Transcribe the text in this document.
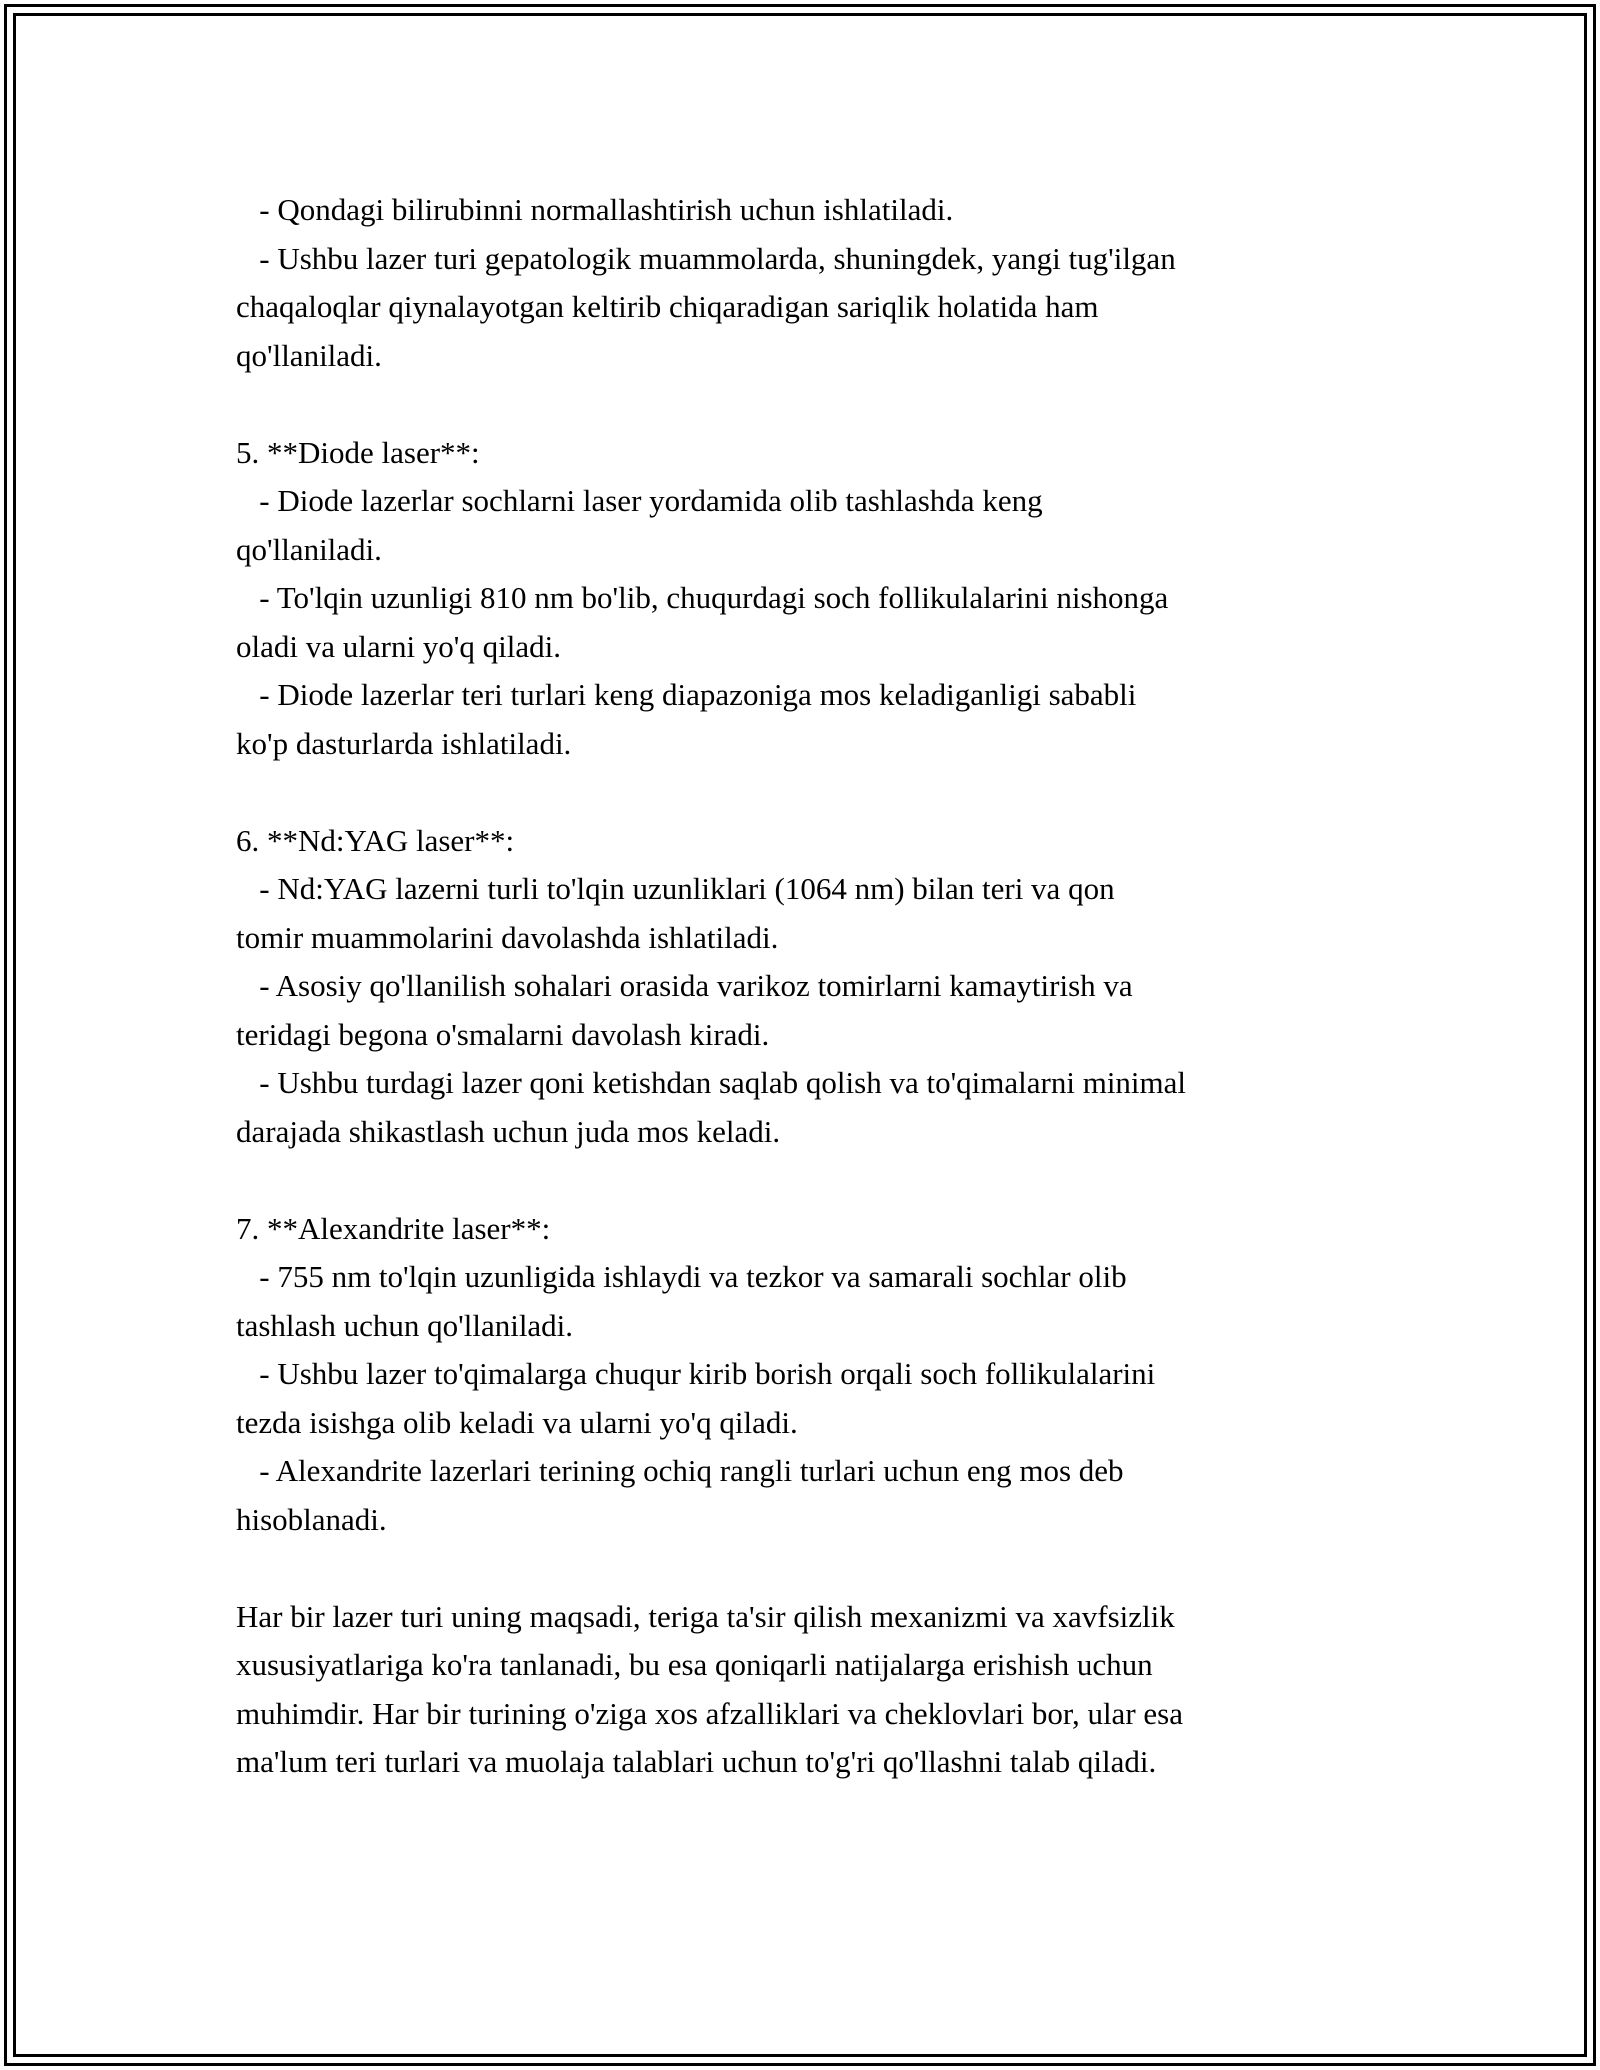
- Qondagi bilirubinni normallashtirish uchun ishlatiladi.
- Ushbu lazer turi gepatologik muammolarda, shuningdek, yangi tug'ilgan
chaqaloqlar qiynalayotgan keltirib chiqaradigan sariqlik holatida ham
qo'llaniladi.
5. **Diode laser**:
- Diode lazerlar sochlarni laser yordamida olib tashlashda keng
qo'llaniladi.
- To'lqin uzunligi 810 nm bo'lib, chuqurdagi soch follikulalarini nishonga
oladi va ularni yo'q qiladi.
- Diode lazerlar teri turlari keng diapazoniga mos keladiganligi sababli
ko'p dasturlarda ishlatiladi.
6. **Nd:YAG laser**:
- Nd:YAG lazerni turli to'lqin uzunliklari (1064 nm) bilan teri va qon
tomir muammolarini davolashda ishlatiladi.
- Asosiy qo'llanilish sohalari orasida varikoz tomirlarni kamaytirish va
teridagi begona o'smalarni davolash kiradi.
- Ushbu turdagi lazer qoni ketishdan saqlab qolish va to'qimalarni minimal
darajada shikastlash uchun juda mos keladi.
7. **Alexandrite laser**:
- 755 nm to'lqin uzunligida ishlaydi va tezkor va samarali sochlar olib
tashlash uchun qo'llaniladi.
- Ushbu lazer to'qimalarga chuqur kirib borish orqali soch follikulalarini
tezda isishga olib keladi va ularni yo'q qiladi.
- Alexandrite lazerlari terining ochiq rangli turlari uchun eng mos deb
hisoblanadi.
Har bir lazer turi uning maqsadi, teriga ta'sir qilish mexanizmi va xavfsizlik
xususiyatlariga ko'ra tanlanadi, bu esa qoniqarli natijalarga erishish uchun
muhimdir. Har bir turining o'ziga xos afzalliklari va cheklovlari bor, ular esa
ma'lum teri turlari va muolaja talablari uchun to'g'ri qo'llashni talab qiladi.
